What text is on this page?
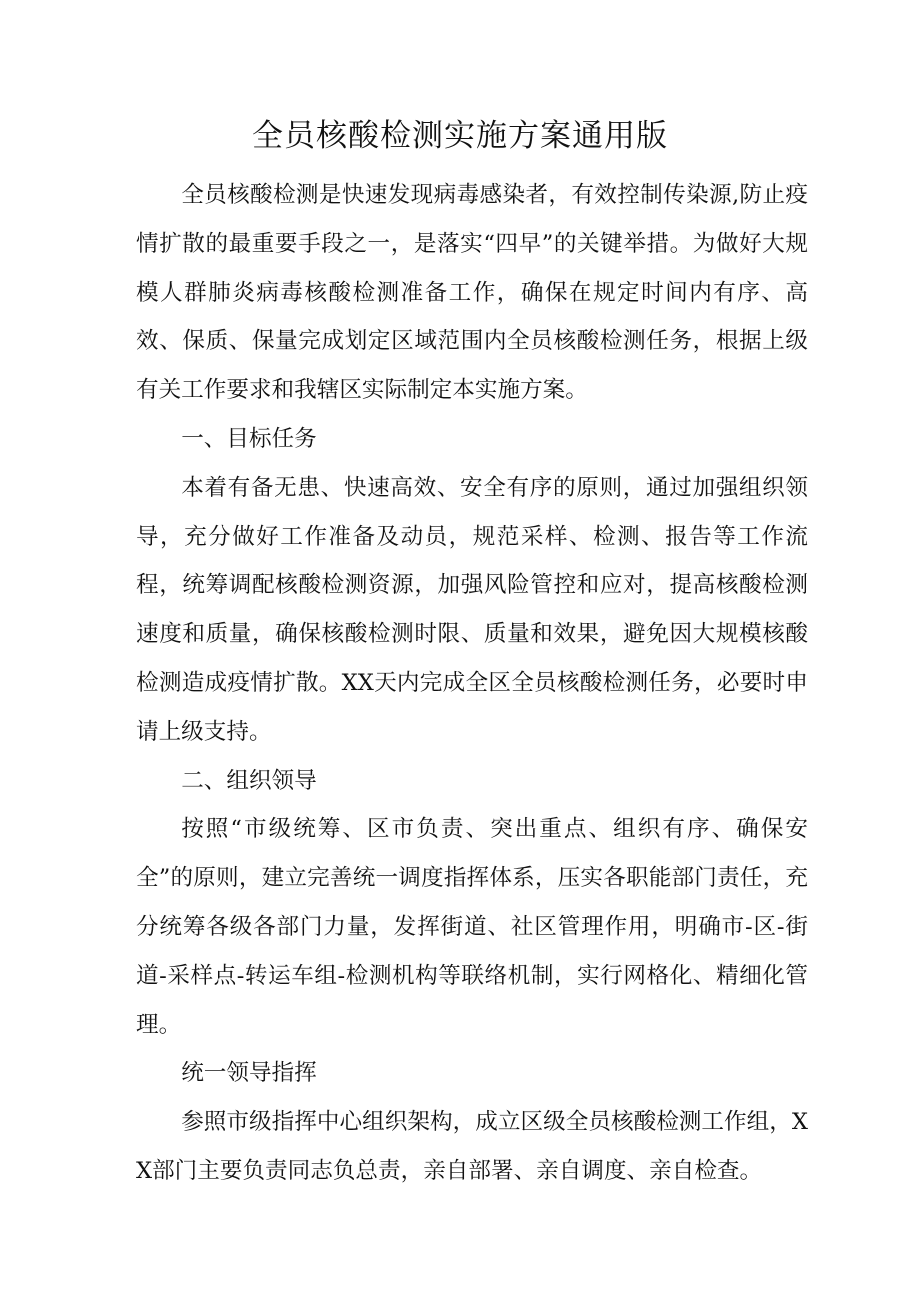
全员核酸检测实施方案通用版

全员核酸检测是快速发现病毒感染者，有效控制传染源,防止疫情扩散的最重要手段之一，是落实“四早”的关键举措。为做好大规模人群肺炎病毒核酸检测准备工作，确保在规定时间内有序、高效、保质、保量完成划定区域范围内全员核酸检测任务，根据上级有关工作要求和我辖区实际制定本实施方案。

一、目标任务

本着有备无患、快速高效、安全有序的原则，通过加强组织领导，充分做好工作准备及动员，规范采样、检测、报告等工作流程，统筹调配核酸检测资源，加强风险管控和应对，提高核酸检测速度和质量，确保核酸检测时限、质量和效果，避免因大规模核酸检测造成疫情扩散。XX天内完成全区全员核酸检测任务，必要时申请上级支持。

二、组织领导

按照“市级统筹、区市负责、突出重点、组织有序、确保安全”的原则，建立完善统一调度指挥体系，压实各职能部门责任，充分统筹各级各部门力量，发挥街道、社区管理作用，明确市-区-街道-采样点-转运车组-检测机构等联络机制，实行网格化、精细化管理。

统一领导指挥

参照市级指挥中心组织架构，成立区级全员核酸检测工作组，XX部门主要负责同志负总责，亲自部署、亲自调度、亲自检查。
